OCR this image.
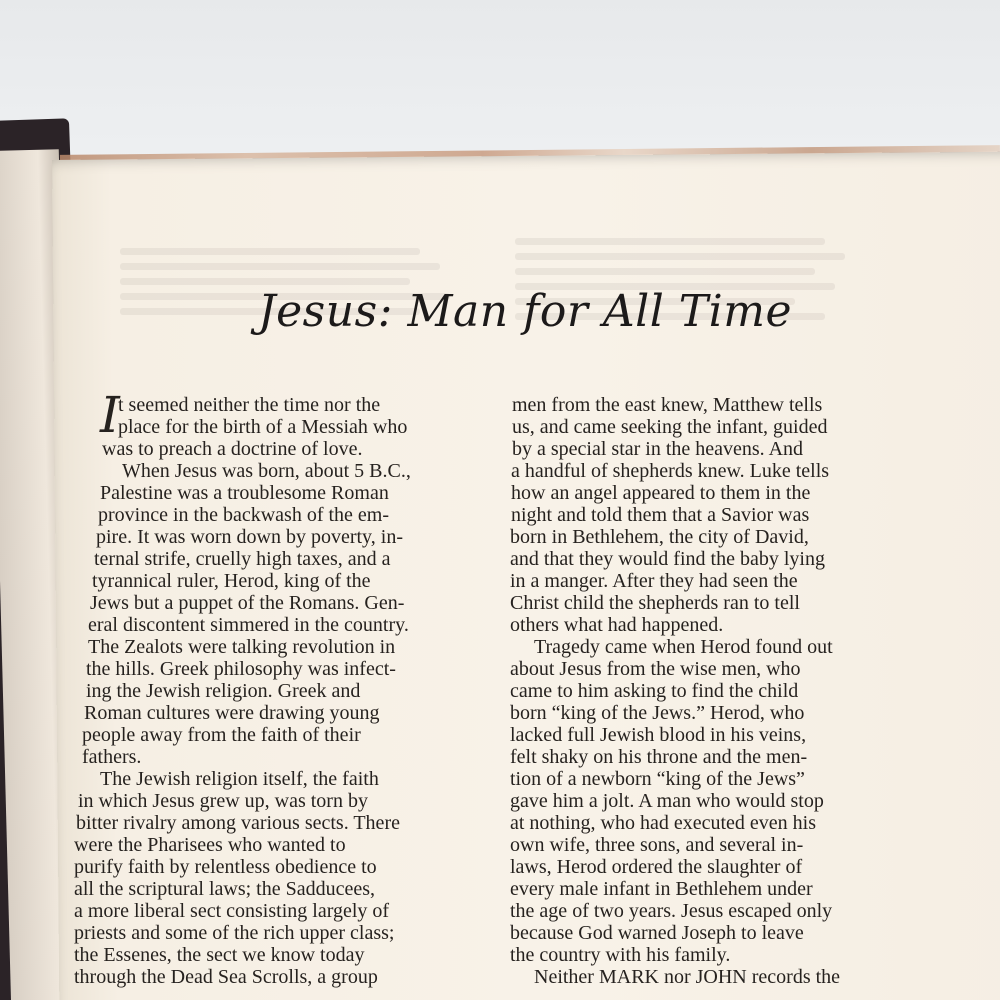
Jesus: Man for All Time
I
t seemed neither the time nor the
place for the birth of a Messiah who
was to preach a doctrine of love.
When Jesus was born, about 5 B.C.,
Palestine was a troublesome Roman
province in the backwash of the em-
pire. It was worn down by poverty, in-
ternal strife, cruelly high taxes, and a
tyrannical ruler, Herod, king of the
Jews but a puppet of the Romans. Gen-
eral discontent simmered in the country.
The Zealots were talking revolution in
the hills. Greek philosophy was infect-
ing the Jewish religion. Greek and
Roman cultures were drawing young
people away from the faith of their
fathers.
The Jewish religion itself, the faith
in which Jesus grew up, was torn by
bitter rivalry among various sects. There
were the Pharisees who wanted to
purify faith by relentless obedience to
all the scriptural laws; the Sadducees,
a more liberal sect consisting largely of
priests and some of the rich upper class;
the Essenes, the sect we know today
through the Dead Sea Scrolls, a group
men from the east knew, Matthew tells
us, and came seeking the infant, guided
by a special star in the heavens. And
a handful of shepherds knew. Luke tells
how an angel appeared to them in the
night and told them that a Savior was
born in Bethlehem, the city of David,
and that they would find the baby lying
in a manger. After they had seen the
Christ child the shepherds ran to tell
others what had happened.
Tragedy came when Herod found out
about Jesus from the wise men, who
came to him asking to find the child
born “king of the Jews.” Herod, who
lacked full Jewish blood in his veins,
felt shaky on his throne and the men-
tion of a newborn “king of the Jews”
gave him a jolt. A man who would stop
at nothing, who had executed even his
own wife, three sons, and several in-
laws, Herod ordered the slaughter of
every male infant in Bethlehem under
the age of two years. Jesus escaped only
because God warned Joseph to leave
the country with his family.
Neither MARK nor JOHN records the
